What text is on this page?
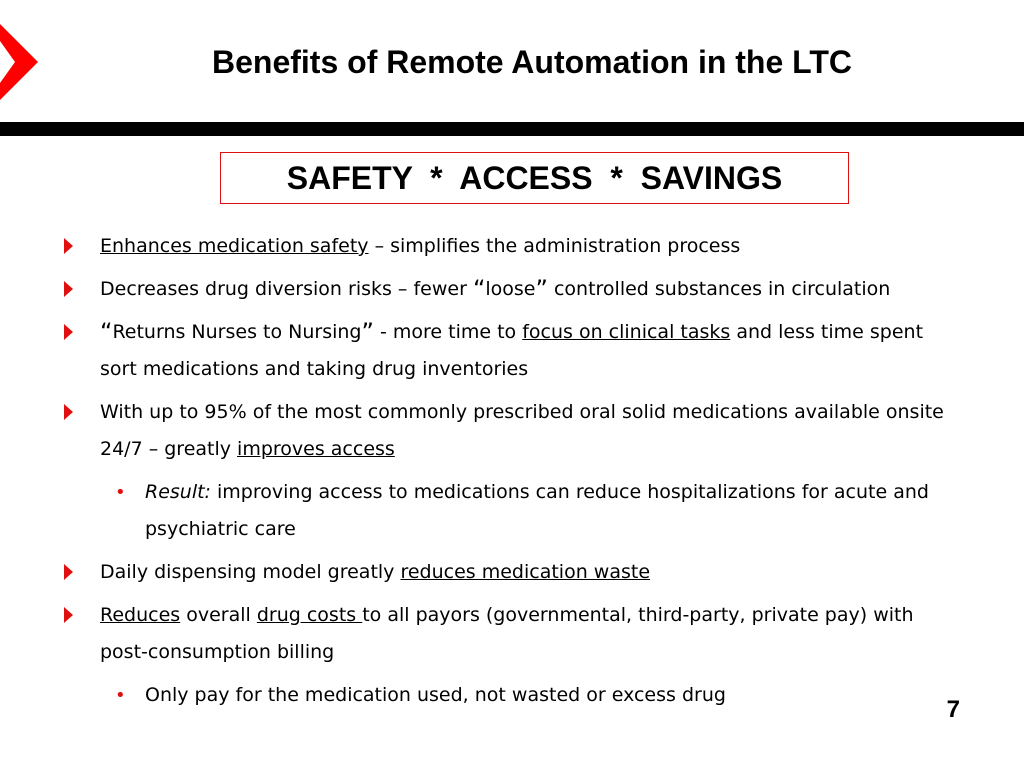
Benefits of Remote Automation in the LTC
SAFETY  *  ACCESS  *  SAVINGS
Enhances medication safety – simplifies the administration process
Decreases drug diversion risks – fewer “loose” controlled substances in circulation
“Returns Nurses to Nursing” - more time to focus on clinical tasks and less time spent sort medications and taking drug inventories
With up to 95% of the most commonly prescribed oral solid medications available onsite 24/7 – greatly improves access
• Result: improving access to medications can reduce hospitalizations for acute and psychiatric care
Daily dispensing model greatly reduces medication waste
Reduces overall drug costs to all payors (governmental, third-party, private pay) with post-consumption billing
• Only pay for the medication used, not wasted or excess drug
7
